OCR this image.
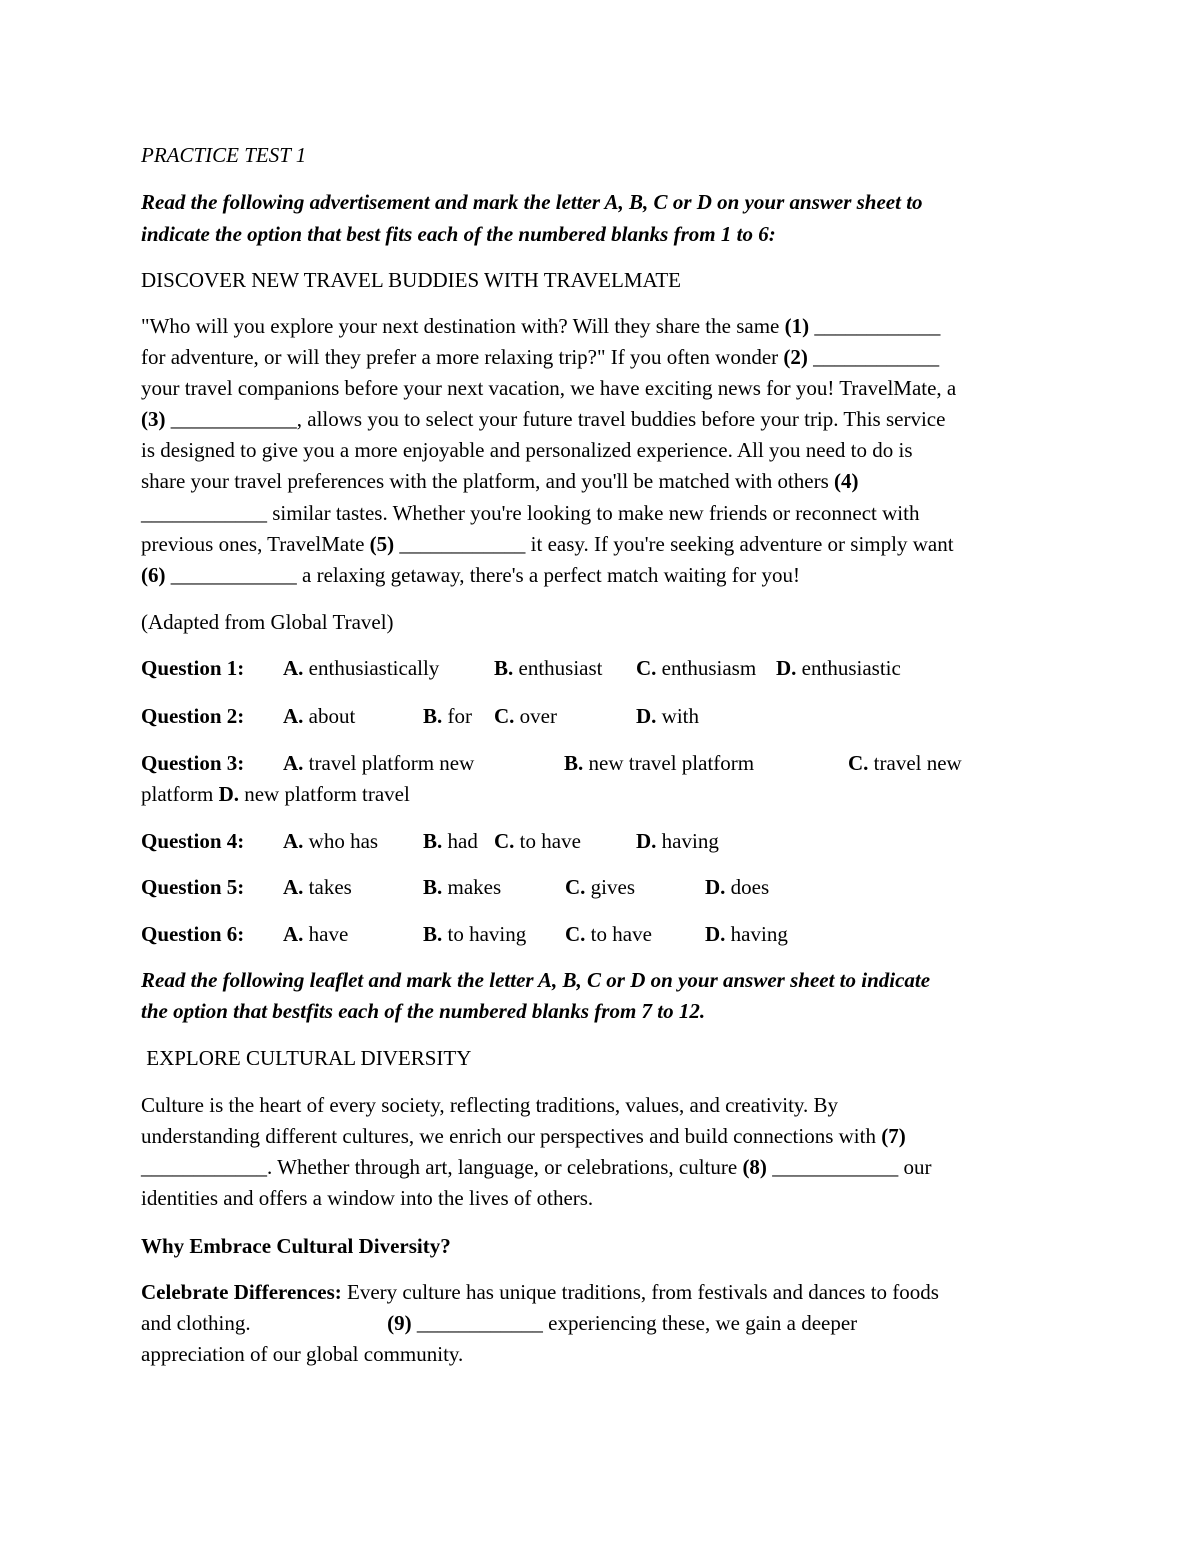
PRACTICE TEST 1
Read the following advertisement and mark the letter A, B, C or D on your answer sheet to
indicate the option that best fits each of the numbered blanks from 1 to 6:
DISCOVER NEW TRAVEL BUDDIES WITH TRAVELMATE
"Who will you explore your next destination with? Will they share the same (1) ____________
for adventure, or will they prefer a more relaxing trip?" If you often wonder (2) ____________
your travel companions before your next vacation, we have exciting news for you! TravelMate, a
(3) ____________, allows you to select your future travel buddies before your trip. This service
is designed to give you a more enjoyable and personalized experience. All you need to do is
share your travel preferences with the platform, and you'll be matched with others (4)
____________ similar tastes. Whether you're looking to make new friends or reconnect with
previous ones, TravelMate (5) ____________ it easy. If you're seeking adventure or simply want
(6) ____________ a relaxing getaway, there's a perfect match waiting for you!
(Adapted from Global Travel)
Question 1: A. enthusiastically	B. enthusiast C. enthusiasm D. enthusiastic
Question 2: A. about	B. for C. over	D. with
Question 3: A. travel platform new	B. new travel platform	C. travel new
platform D. new platform travel
Question 4: A. who has B. had C. to have	D. having
Question 5: A. takes	B. makes	C. gives	D. does
Question 6: A. have	B. to having C. to have	D. having
Read the following leaflet and mark the letter A, B, C or D on your answer sheet to indicate
the option that bestfits each of the numbered blanks from 7 to 12.
EXPLORE CULTURAL DIVERSITY
Culture is the heart of every society, reflecting traditions, values, and creativity. By
understanding different cultures, we enrich our perspectives and build connections with (7)
____________. Whether through art, language, or celebrations, culture (8) ____________ our
identities and offers a window into the lives of others.
Why Embrace Cultural Diversity?
Celebrate Differences: Every culture has unique traditions, from festivals and dances to foods
and clothing.                          (9) ____________ experiencing these, we gain a deeper
appreciation of our global community.
